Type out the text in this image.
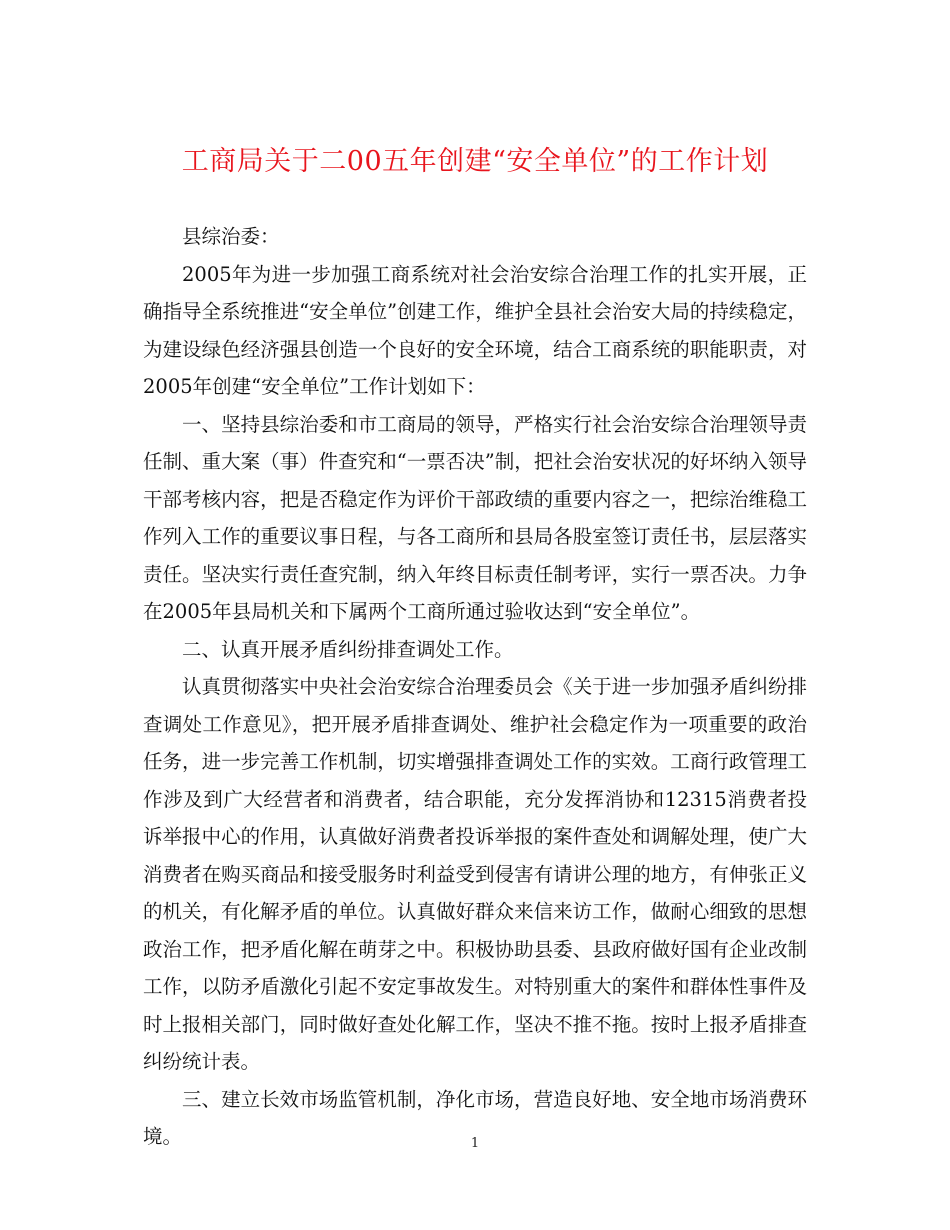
工商局关于二00五年创建“安全单位”的工作计划

县综治委：

2005年为进一步加强工商系统对社会治安综合治理工作的扎实开展，正确指导全系统推进“安全单位”创建工作，维护全县社会治安大局的持续稳定，为建设绿色经济强县创造一个良好的安全环境，结合工商系统的职能职责，对2005年创建“安全单位”工作计划如下：

一、坚持县综治委和市工商局的领导，严格实行社会治安综合治理领导责任制、重大案（事）件查究和“一票否决”制，把社会治安状况的好坏纳入领导干部考核内容，把是否稳定作为评价干部政绩的重要内容之一，把综治维稳工作列入工作的重要议事日程，与各工商所和县局各股室签订责任书，层层落实责任。坚决实行责任查究制，纳入年终目标责任制考评，实行一票否决。力争在2005年县局机关和下属两个工商所通过验收达到“安全单位”。

二、认真开展矛盾纠纷排查调处工作。

认真贯彻落实中央社会治安综合治理委员会《关于进一步加强矛盾纠纷排查调处工作意见》，把开展矛盾排查调处、维护社会稳定作为一项重要的政治任务，进一步完善工作机制，切实增强排查调处工作的实效。工商行政管理工作涉及到广大经营者和消费者，结合职能，充分发挥消协和12315消费者投诉举报中心的作用，认真做好消费者投诉举报的案件查处和调解处理，使广大消费者在购买商品和接受服务时利益受到侵害有请讲公理的地方，有伸张正义的机关，有化解矛盾的单位。认真做好群众来信来访工作，做耐心细致的思想政治工作，把矛盾化解在萌芽之中。积极协助县委、县政府做好国有企业改制工作，以防矛盾激化引起不安定事故发生。对特别重大的案件和群体性事件及时上报相关部门，同时做好查处化解工作，坚决不推不拖。按时上报矛盾排查纠纷统计表。

三、建立长效市场监管机制，净化市场，营造良好地、安全地市场消费环境。	1
